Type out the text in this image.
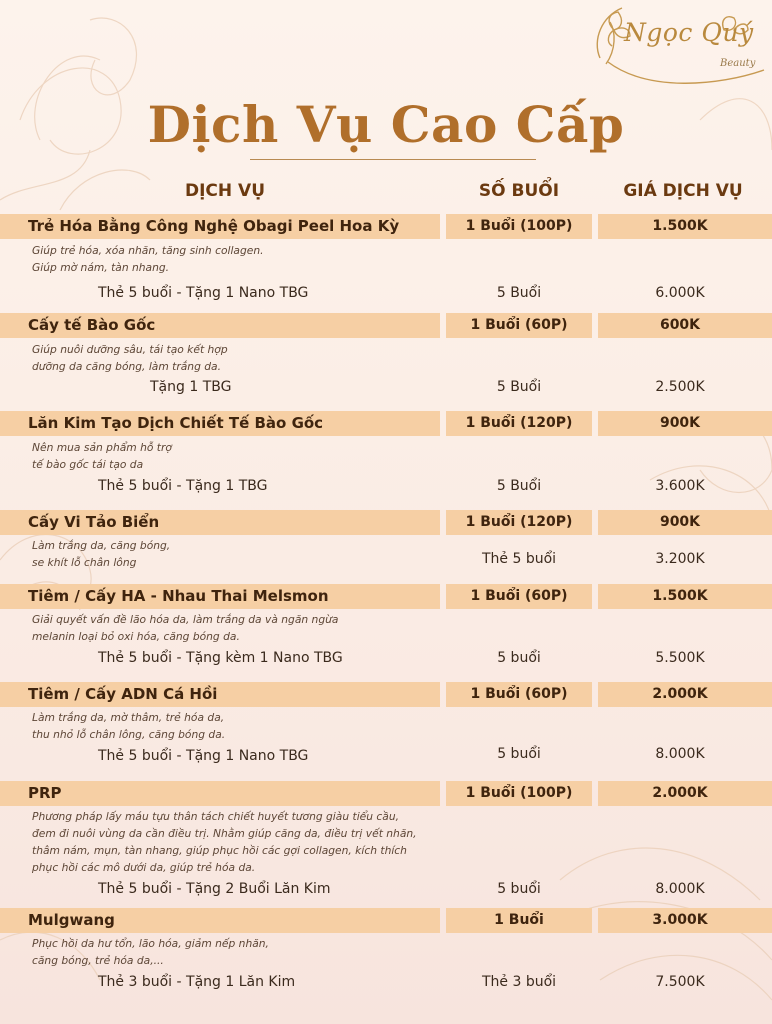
Ngọc Quý
Beauty
Dịch Vụ Cao Cấp
DỊCH VỤ	SỐ BUỔI	GIÁ DỊCH VỤ
Trẻ Hóa Bằng Công Nghệ Obagi Peel Hoa Kỳ	1 Buổi (100P)	1.500K
Giúp trẻ hóa, xóa nhăn, tăng sinh collagen.
Giúp mờ nám, tàn nhang.
Thẻ 5 buổi - Tặng 1 Nano TBG	5 Buổi	6.000K
Cấy tế Bào Gốc	1 Buổi (60P)	600K
Giúp nuôi dưỡng sâu, tái tạo kết hợp
dưỡng da căng bóng, làm trắng da.
Tặng 1 TBG	5 Buổi	2.500K
Lăn Kim Tạo Dịch Chiết Tế Bào Gốc	1 Buổi (120P)	900K
Nên mua sản phẩm hỗ trợ
tế bào gốc tái tạo da
Thẻ 5 buổi - Tặng 1 TBG	5 Buổi	3.600K
Cấy Vi Tảo Biển	1 Buổi (120P)	900K
Làm trắng da, căng bóng,
se khít lỗ chân lông	Thẻ 5 buổi	3.200K
Tiêm / Cấy HA - Nhau Thai Melsmon	1 Buổi (60P)	1.500K
Giải quyết vấn đề lão hóa da, làm trắng da và ngăn ngừa
melanin loại bỏ oxi hóa, căng bóng da.
Thẻ 5 buổi - Tặng kèm 1 Nano TBG	5 buổi	5.500K
Tiêm / Cấy ADN Cá Hồi	1 Buổi (60P)	2.000K
Làm trắng da, mờ thâm, trẻ hóa da,
thu nhỏ lỗ chân lông, căng bóng da.
Thẻ 5 buổi - Tặng 1 Nano TBG	5 buổi	8.000K
PRP	1 Buổi (100P)	2.000K
Phương pháp lấy máu tựu thân tách chiết huyết tương giàu tiểu cầu,
đem đi nuôi vùng da cần điều trị. Nhằm giúp căng da, điều trị vết nhăn,
thâm nám, mụn, tàn nhang, giúp phục hồi các gợi collagen, kích thích
phục hồi các mô dưới da, giúp trẻ hóa da.
Thẻ 5 buổi - Tặng 2 Buổi Lăn Kim	5 buổi	8.000K
Mulgwang	1 Buổi	3.000K
Phục hồi da hư tổn, lão hóa, giảm nếp nhăn,
căng bóng, trẻ hóa da,...
Thẻ 3 buổi - Tặng 1 Lăn Kim	Thẻ 3 buổi	7.500K
